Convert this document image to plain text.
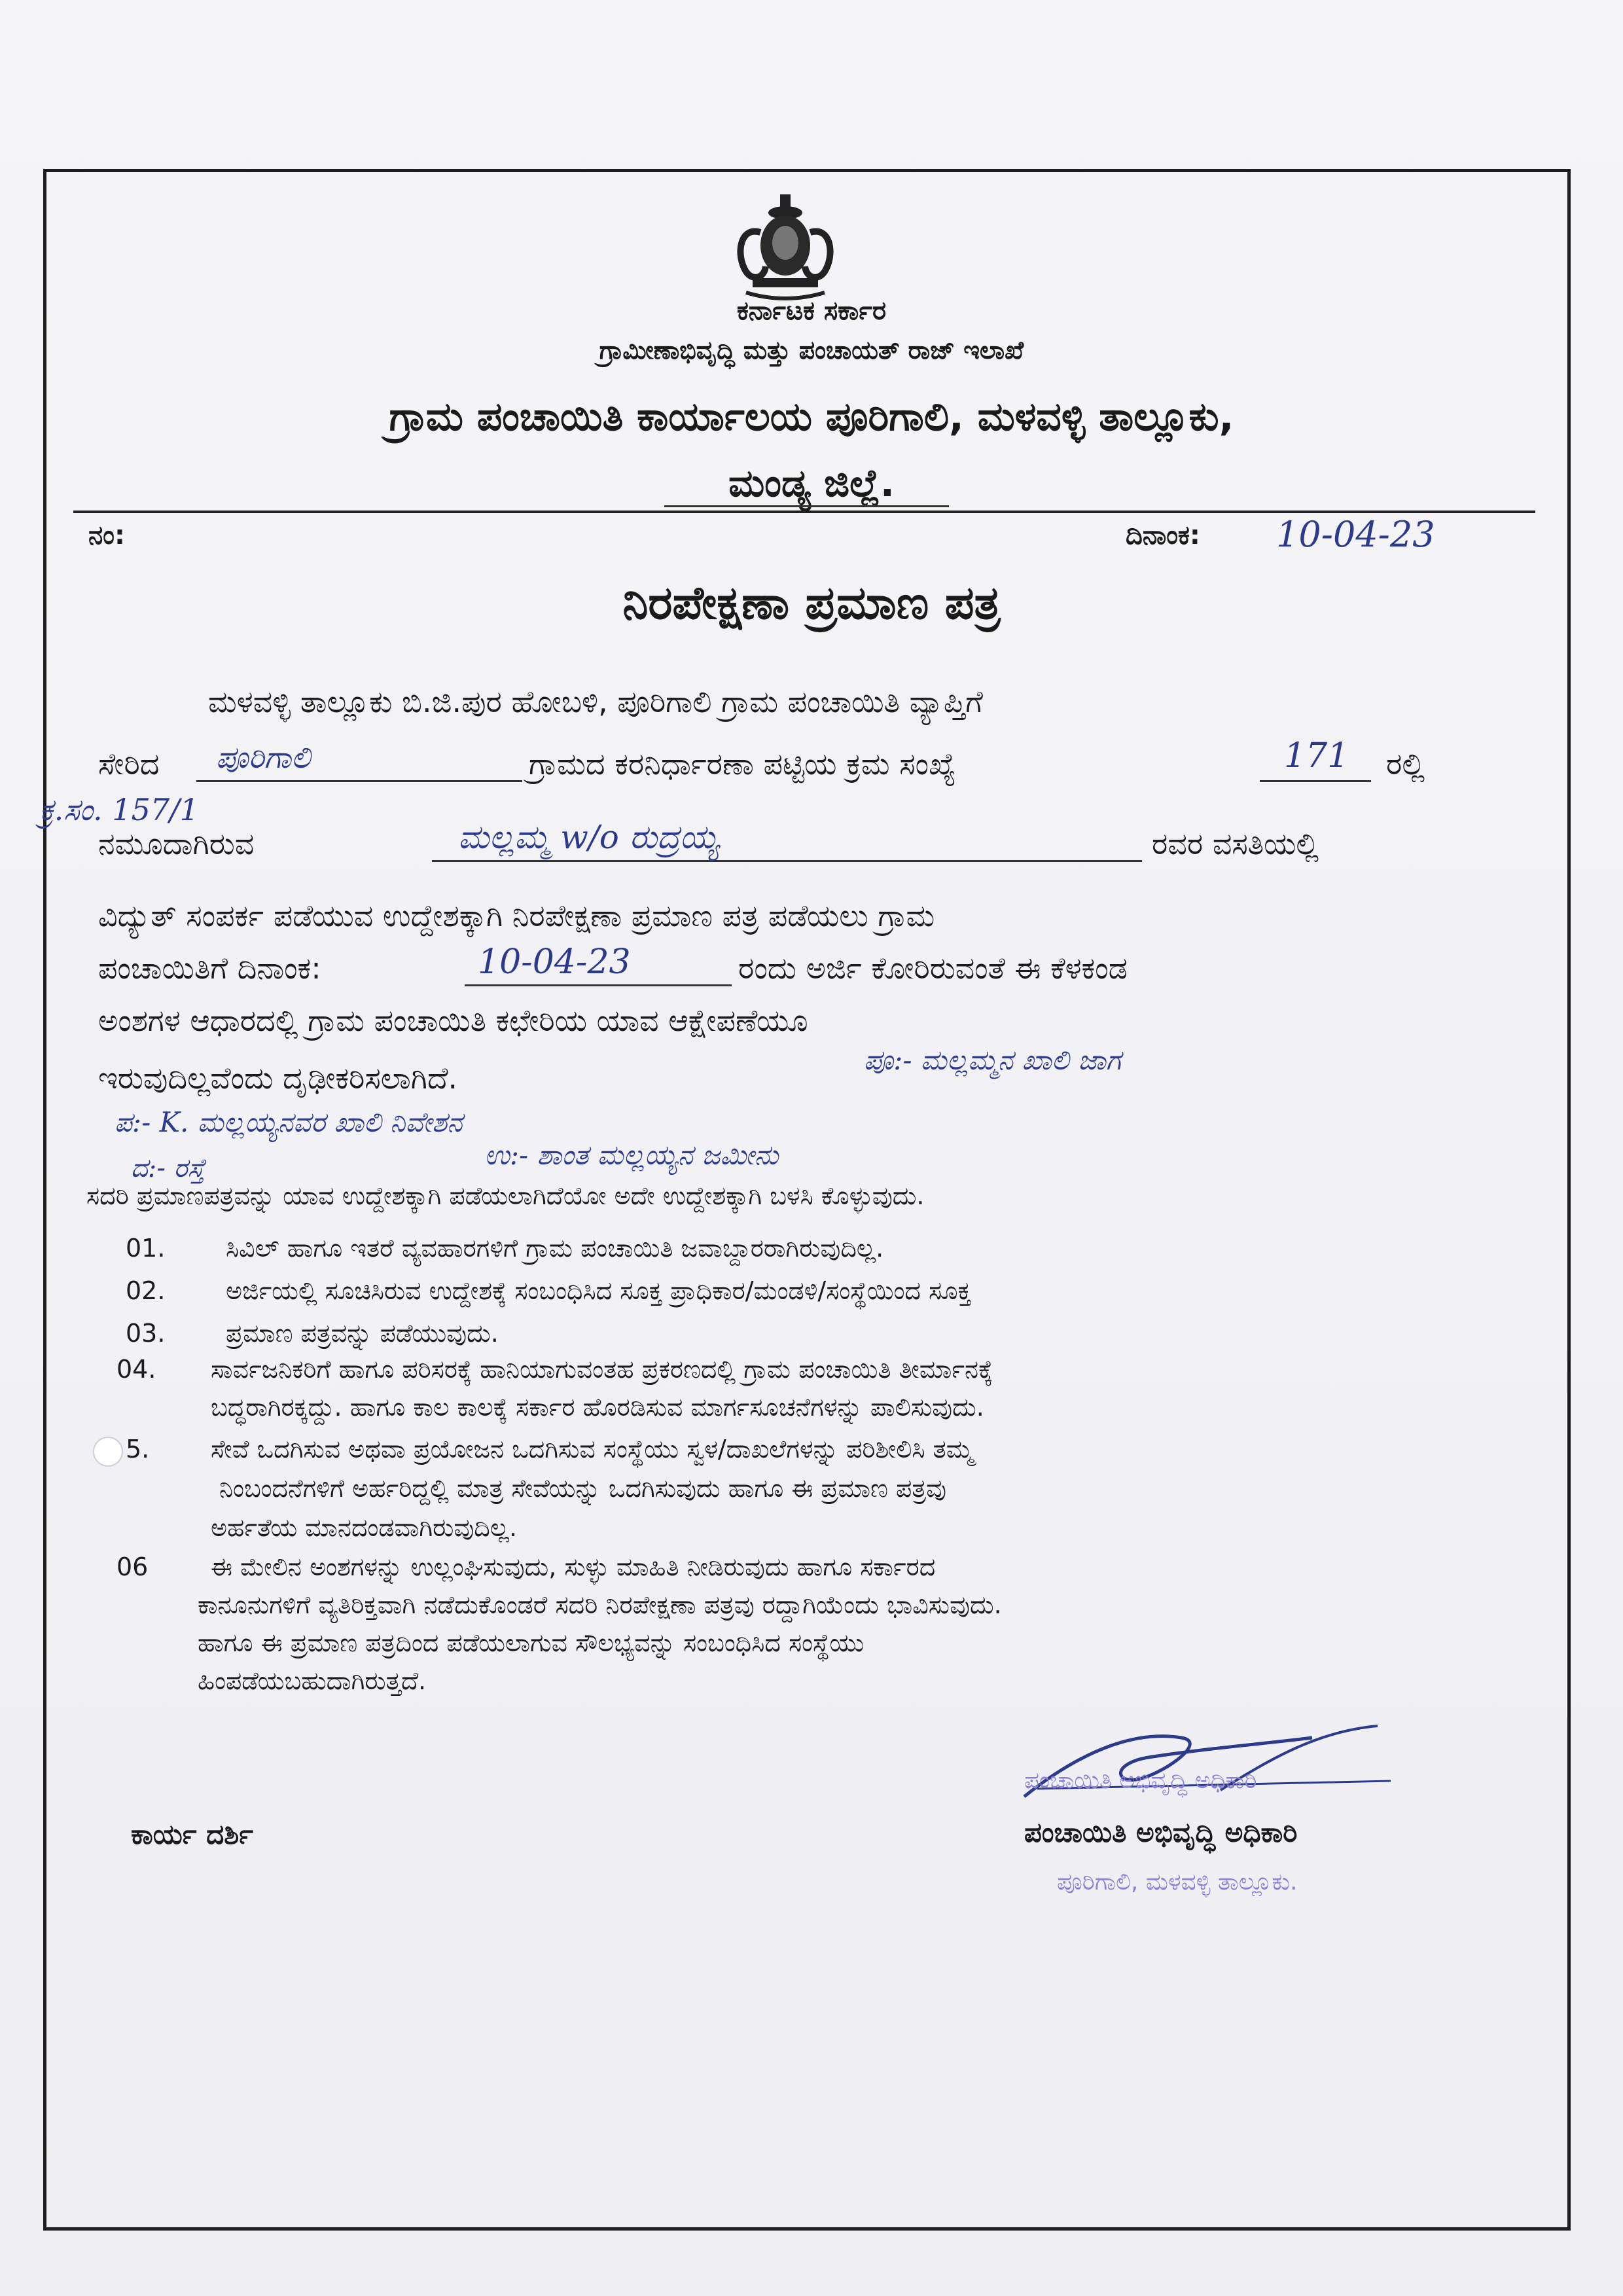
ಕರ್ನಾಟಕ ಸರ್ಕಾರ
ಗ್ರಾಮೀಣಾಭಿವೃದ್ಧಿ ಮತ್ತು ಪಂಚಾಯತ್ ರಾಜ್ ಇಲಾಖೆ
ಗ್ರಾಮ ಪಂಚಾಯಿತಿ ಕಾರ್ಯಾಲಯ ಪೂರಿಗಾಲಿ, ಮಳವಳ್ಳಿ ತಾಲ್ಲೂಕು,
ಮಂಡ್ಯ ಜಿಲ್ಲೆ.
ನಂ:	ದಿನಾಂಕ: 10-04-23
ನಿರಪೇಕ್ಷಣಾ ಪ್ರಮಾಣ ಪತ್ರ
ಮಳವಳ್ಳಿ ತಾಲ್ಲೂಕು ಬಿ.ಜಿ.ಪುರ ಹೋಬಳಿ, ಪೂರಿಗಾಲಿ ಗ್ರಾಮ ಪಂಚಾಯಿತಿ ವ್ಯಾಪ್ತಿಗೆ
ಸೇರಿದ ಪೂರಿಗಾಲಿ	ಗ್ರಾಮದ ಕರನಿರ್ಧಾರಣಾ ಪಟ್ಟಿಯ ಕ್ರಮ ಸಂಖ್ಯೆ	171 ರಲ್ಲಿ
ಕ್ರ.ಸಂ. 157/1
ನಮೂದಾಗಿರುವ	ಮಲ್ಲಮ್ಮ w/o ರುದ್ರಯ್ಯ	ರವರ ವಸತಿಯಲ್ಲಿ
ವಿದ್ಯುತ್ ಸಂಪರ್ಕ ಪಡೆಯುವ ಉದ್ದೇಶಕ್ಕಾಗಿ ನಿರಪೇಕ್ಷಣಾ ಪ್ರಮಾಣ ಪತ್ರ ಪಡೆಯಲು ಗ್ರಾಮ
ಪಂಚಾಯಿತಿಗೆ ದಿನಾಂಕ:	10-04-23	ರಂದು ಅರ್ಜಿ ಕೋರಿರುವಂತೆ ಈ ಕೆಳಕಂಡ
ಅಂಶಗಳ ಆಧಾರದಲ್ಲಿ ಗ್ರಾಮ ಪಂಚಾಯಿತಿ ಕಛೇರಿಯ ಯಾವ ಆಕ್ಷೇಪಣೆಯೂ
ಇರುವುದಿಲ್ಲವೆಂದು ದೃಢೀಕರಿಸಲಾಗಿದೆ.
ಪೂ:- ಮಲ್ಲಮ್ಮನ ಖಾಲಿ ಜಾಗ
ಪ:- K. ಮಲ್ಲಯ್ಯನವರ ಖಾಲಿ ನಿವೇಶನ
ದ:- ರಸ್ತೆ	ಉ:- ಶಾಂತ ಮಲ್ಲಯ್ಯನ ಜಮೀನು
ಸದರಿ ಪ್ರಮಾಣಪತ್ರವನ್ನು ಯಾವ ಉದ್ದೇಶಕ್ಕಾಗಿ ಪಡೆಯಲಾಗಿದೆಯೋ ಅದೇ ಉದ್ದೇಶಕ್ಕಾಗಿ ಬಳಸಿ ಕೊಳ್ಳುವುದು.
01. ಸಿವಿಲ್ ಹಾಗೂ ಇತರೆ ವ್ಯವಹಾರಗಳಿಗೆ ಗ್ರಾಮ ಪಂಚಾಯಿತಿ ಜವಾಬ್ದಾರರಾಗಿರುವುದಿಲ್ಲ.
02. ಅರ್ಜಿಯಲ್ಲಿ ಸೂಚಿಸಿರುವ ಉದ್ದೇಶಕ್ಕೆ ಸಂಬಂಧಿಸಿದ ಸೂಕ್ತ ಪ್ರಾಧಿಕಾರ/ಮಂಡಳಿ/ಸಂಸ್ಥೆಯಿಂದ ಸೂಕ್ತ
03. ಪ್ರಮಾಣ ಪತ್ರವನ್ನು ಪಡೆಯುವುದು.
04. ಸಾರ್ವಜನಿಕರಿಗೆ ಹಾಗೂ ಪರಿಸರಕ್ಕೆ ಹಾನಿಯಾಗುವಂತಹ ಪ್ರಕರಣದಲ್ಲಿ ಗ್ರಾಮ ಪಂಚಾಯಿತಿ ತೀರ್ಮಾನಕ್ಕೆ
ಬದ್ಧರಾಗಿರಕ್ಕದ್ದು. ಹಾಗೂ ಕಾಲ ಕಾಲಕ್ಕೆ ಸರ್ಕಾರ ಹೊರಡಿಸುವ ಮಾರ್ಗಸೂಚನೆಗಳನ್ನು ಪಾಲಿಸುವುದು.
5. ಸೇವೆ ಒದಗಿಸುವ ಅಥವಾ ಪ್ರಯೋಜನ ಒದಗಿಸುವ ಸಂಸ್ಥೆಯು ಸ್ವಳ/ದಾಖಲೆಗಳನ್ನು ಪರಿಶೀಲಿಸಿ ತಮ್ಮ
ನಿಂಬಂದನೆಗಳಿಗೆ ಅರ್ಹರಿದ್ದಲ್ಲಿ ಮಾತ್ರ ಸೇವೆಯನ್ನು ಒದಗಿಸುವುದು ಹಾಗೂ ಈ ಪ್ರಮಾಣ ಪತ್ರವು
ಅರ್ಹತೆಯ ಮಾನದಂಡವಾಗಿರುವುದಿಲ್ಲ.
06	ಈ ಮೇಲಿನ ಅಂಶಗಳನ್ನು ಉಲ್ಲಂಘಿಸುವುದು, ಸುಳ್ಳು ಮಾಹಿತಿ ನೀಡಿರುವುದು ಹಾಗೂ ಸರ್ಕಾರದ
ಕಾನೂನುಗಳಿಗೆ ವ್ಯತಿರಿಕ್ತವಾಗಿ ನಡೆದುಕೊಂಡರೆ ಸದರಿ ನಿರಪೇಕ್ಷಣಾ ಪತ್ರವು ರದ್ದಾಗಿಯೆಂದು ಭಾವಿಸುವುದು.
ಹಾಗೂ ಈ ಪ್ರಮಾಣ ಪತ್ರದಿಂದ ಪಡೆಯಲಾಗುವ ಸೌಲಭ್ಯವನ್ನು ಸಂಬಂಧಿಸಿದ ಸಂಸ್ಥೆಯು
ಹಿಂಪಡೆಯಬಹುದಾಗಿರುತ್ತದೆ.
ಪಂಚಾಯಿತಿ ಅಭಿವೃದ್ಧಿ ಅಧಿಕಾರಿ
ಕಾರ್ಯ ದರ್ಶಿ	ಪಂಚಾಯಿತಿ ಅಭಿವೃದ್ಧಿ ಅಧಿಕಾರಿ
ಪೂರಿಗಾಲಿ, ಮಳವಳ್ಳಿ ತಾಲ್ಲೂಕು.
